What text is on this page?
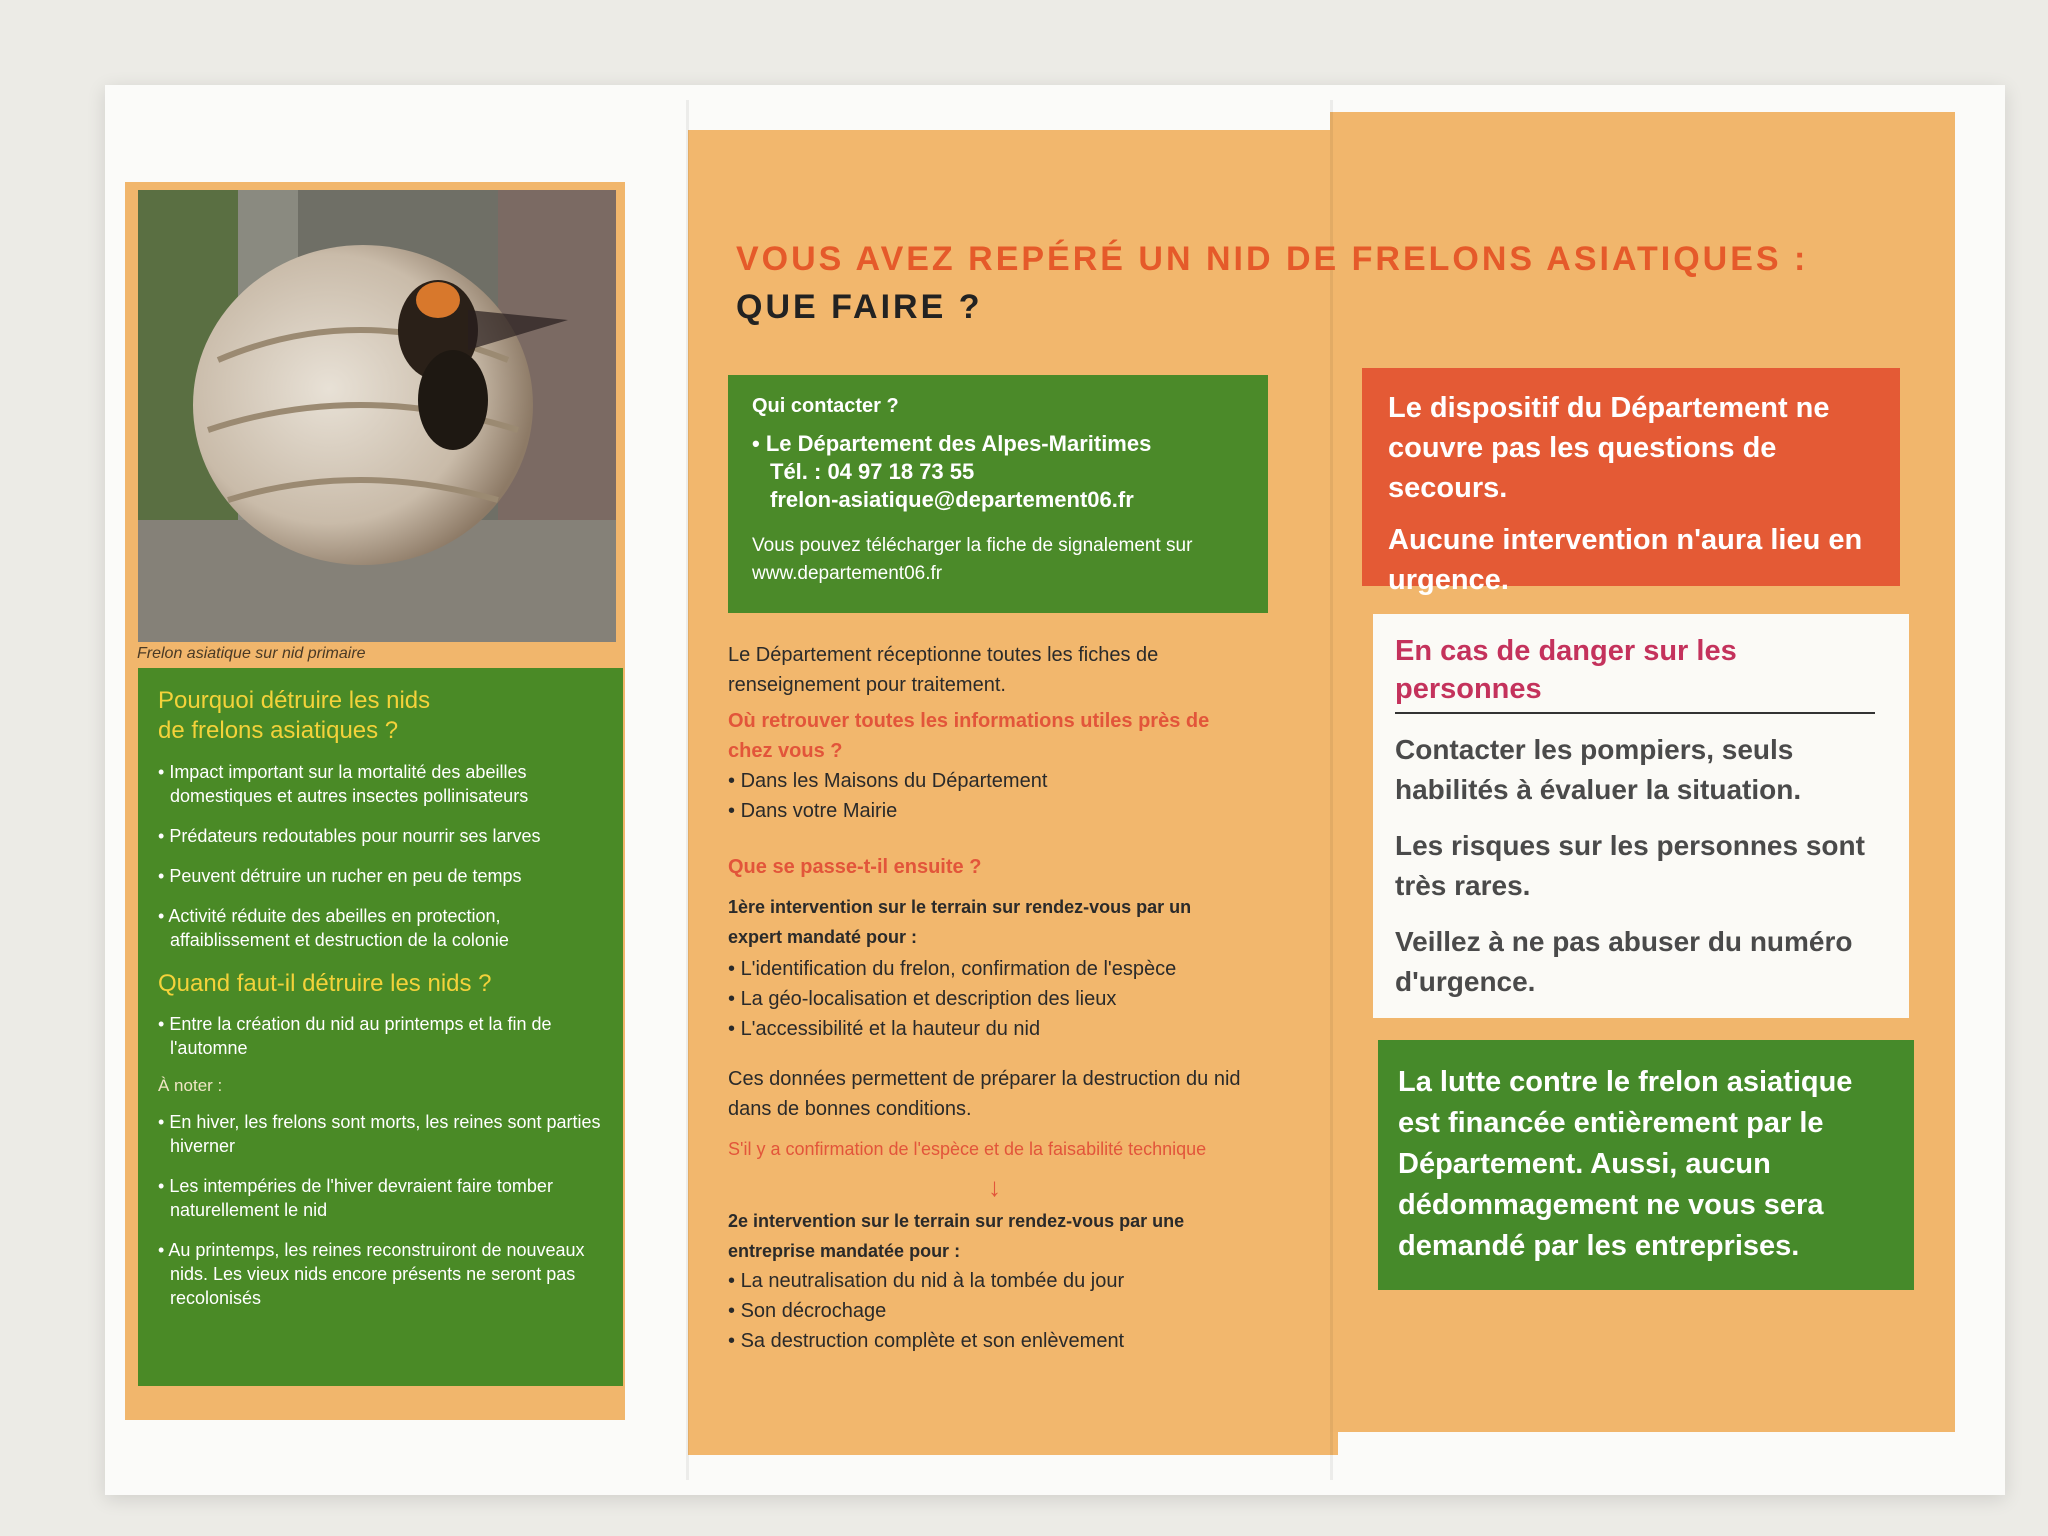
Frelon asiatique sur nid primaire
Pourquoi détruire les nids de frelons asiatiques ?
• Impact important sur la mortalité des abeilles domestiques et autres insectes pollinisateurs
• Prédateurs redoutables pour nourrir ses larves
• Peuvent détruire un rucher en peu de temps
• Activité réduite des abeilles en protection, affaiblissement et destruction de la colonie
Quand faut-il détruire les nids ?
• Entre la création du nid au printemps et la fin de l'automne
À noter :
• En hiver, les frelons sont morts, les reines sont parties hiverner
• Les intempéries de l'hiver devraient faire tomber naturellement le nid
• Au printemps, les reines reconstruiront de nouveaux nids. Les vieux nids encore présents ne seront pas recolonisés
VOUS AVEZ REPÉRÉ UN NID DE FRELONS ASIATIQUES :
QUE FAIRE ?
Qui contacter ?
• Le Département des Alpes-Maritimes
Tél. : 04 97 18 73 55
frelon-asiatique@departement06.fr
Vous pouvez télécharger la fiche de signalement sur www.departement06.fr
Le Département réceptionne toutes les fiches de renseignement pour traitement.
Où retrouver toutes les informations utiles près de chez vous ?
• Dans les Maisons du Département
• Dans votre Mairie
Que se passe-t-il ensuite ?
1ère intervention sur le terrain sur rendez-vous par un expert mandaté pour :
• L'identification du frelon, confirmation de l'espèce
• La géo-localisation et description des lieux
• L'accessibilité et la hauteur du nid
Ces données permettent de préparer la destruction du nid dans de bonnes conditions.
S'il y a confirmation de l'espèce et de la faisabilité technique
↓
2e intervention sur le terrain sur rendez-vous par une entreprise mandatée pour :
• La neutralisation du nid à la tombée du jour
• Son décrochage
• Sa destruction complète et son enlèvement

Le dispositif du Département ne couvre pas les questions de secours.

Aucune intervention n'aura lieu en urgence.

En cas de danger sur les personnes

Contacter les pompiers, seuls habilités à évaluer la situation.

Les risques sur les personnes sont très rares.

Veillez à ne pas abuser du numéro d'urgence.

La lutte contre le frelon asiatique est financée entièrement par le Département. Aussi, aucun dédommagement ne vous sera demandé par les entreprises.
